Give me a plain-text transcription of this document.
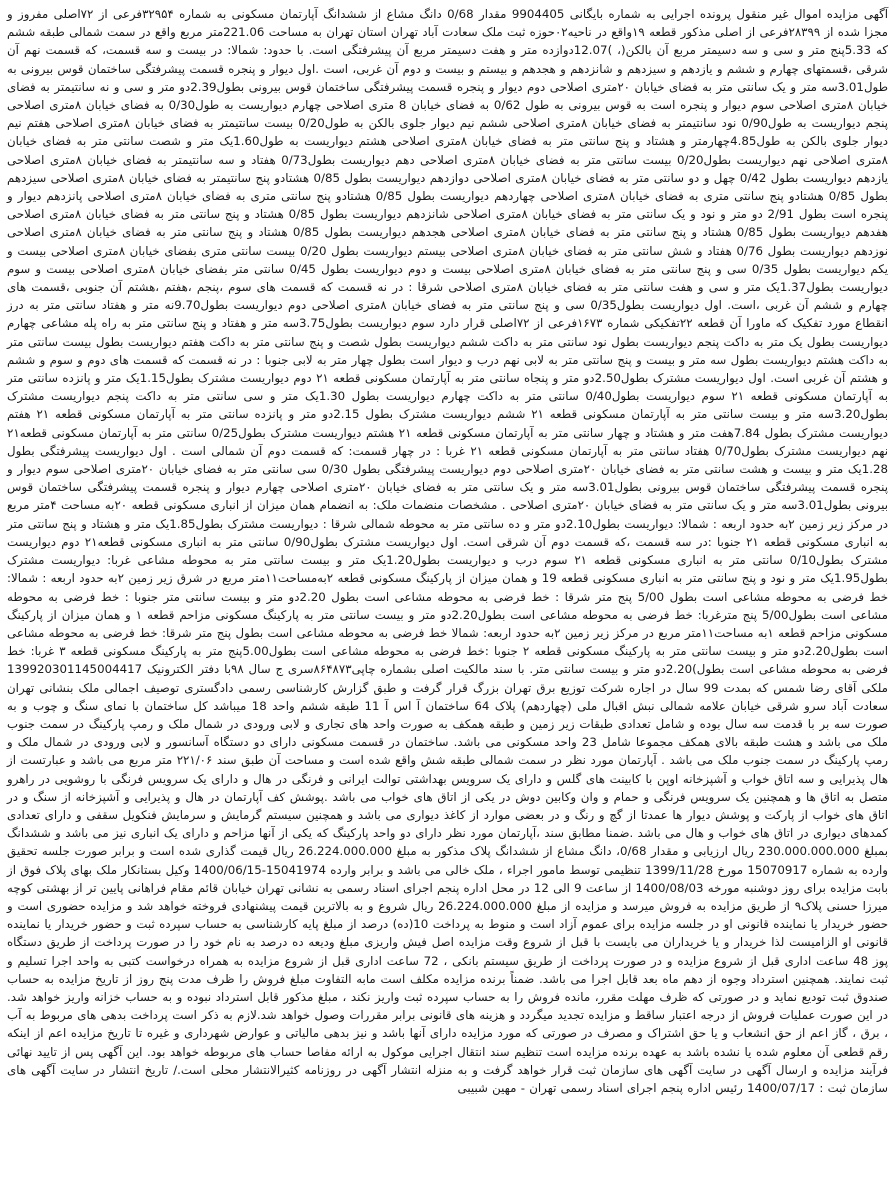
آگهی مزایده اموال غیر منقول پرونده اجرایی به شماره بایگانی 9904405 مقدار 0/68 دانگ مشاع از ششدانگ آپارتمان مسکونی به شماره ۳۲۹۵۴فرعی از ۷۲اصلی مفروز و مجزا شده از ۲۸۳۹۹فرعی از اصلی مذکور قطعه ۱۹واقع در ناحیه۰۲حوزه ثبت ملک سعادت آباد تهران استان تهران به مساحت 221.06متر مربع واقع در سمت شمالی طبقه ششم که 5.33پنج متر و سی و سه دسیمتر مربع آن بالکن(، )12.07دوازده متر و هفت دسیمتر مربع آن پیشرفتگی است. با حدود: شمالا: در بیست و سه قسمت، که قسمت نهم آن شرقی ،قسمتهای چهارم و ششم و یازدهم و سیزدهم و شانزدهم و هجدهم و بیستم و بیست و دوم آن غربی، است .اول دیوار و پنجره قسمت پیشرفتگی ساختمان قوس بیرونی به طول3.01سه متر و یک سانتی متر به فضای خیابان ۲۰متری اصلاحی دوم دیوار و پنجره قسمت پیشرفتگی ساختمان قوس بیرونی بطول2.39دو متر و سی و نه سانتیمتر به فضای خیابان ۸متری اصلاحی سوم دیوار و پنجره است به قوس بیرونی به طول 0/62 به فضای خیابان 8 متری اصلاحی چهارم دیواریست به طول0/30 به فضای خیابان ۸متری اصلاحی پنجم دیواریست به طول0/90 نود سانتیمتر به فضای خیابان ۸متری اصلاحی ششم نیم دیوار جلوی بالکن به طول0/20 بیست سانتیمتر به فضای خیابان ۸متری اصلاحی هفتم نیم دیوار جلوی بالکن به طول4.85چهارمتر و هشتاد و پنج سانتی متر به فضای خیابان ۸متری اصلاحی هشتم دیواریست به طول1.60یک متر و شصت سانتی متر به فضای خیابان ۸متری اصلاحی نهم دیواریست بطول0/20 بیست سانتی متر به فضای خیابان ۸متری اصلاحی دهم دیواریست بطول0/73 هفتاد و سه سانتیمتر به فضای خیابان ۸متری اصلاحی یازدهم دیواریست بطول 0/42 چهل و دو سانتی متر به فضای خیابان ۸متری اصلاحی دوازدهم دیواریست بطول 0/85 هشتادو پنج سانتیمتر به فضای خیابان ۸متری اصلاحی سیزدهم بطول 0/85 هشتادو پنج سانتی متری به فضای خیابان ۸متری اصلاحی چهاردهم دیواریست بطول 0/85 هشتادو پنج سانتی متری به فضای خیابان ۸متری اصلاحی پانزدهم دیوار و پنجره است بطول 2/91 دو متر و نود و یک سانتی متر به فضای خیابان ۸متری اصلاحی شانزدهم دیواریست بطول 0/85 هشتاد و پنج سانتی متر به فضای خیابان ۸متری اصلاحی هفدهم دیواریست بطول 0/85 هشتاد و پنج سانتی متر به فضای خیابان ۸متری اصلاحی هجدهم دیواریست بطول 0/85 هشتاد و پنج سانتی متر به فضای خیابان ۸متری اصلاحی نوزدهم دیواریست بطول 0/76 هفتاد و شش سانتی متر به فضای خیابان ۸متری اصلاحی بیستم دیواریست بطول 0/20 بیست سانتی متری بفضای خیابان ۸متری اصلاحی بیست و یکم دیواریست بطول 0/35 سی و پنج سانتی متر به فضای خیابان ۸متری اصلاحی بیست و دوم دیواریست بطول 0/45 سانتی متر بفضای خیابان ۸متری اصلاحی بیست و سوم دیواریست بطول1.37یک متر و سی و هفت سانتی متر به فضای خیابان ۸متری اصلاحی شرقا : در نه قسمت که قسمت های سوم ،پنجم ،هفتم ،هشتم آن جنوبی ،قسمت های چهارم و ششم آن غربی ،است. اول دیواریست بطول0/35 سی و پنج سانتی متر به فضای خیابان ۸متری اصلاحی دوم دیواریست بطول9.70نه متر و هفتاد سانتی متر به درز انقطاع مورد تفکیک که ماورا آن قطعه ۲۲تفکیکی شماره ۱۶۷۳فرعی از ۷۲اصلی قرار دارد سوم دیواریست بطول3.75سه متر و هفتاد و پنج سانتی متر به راه پله مشاعی چهارم دیواریست بطول یک متر به داکت پنجم دیواریست بطول نود سانتی متر به داکت ششم دیواریست بطول شصت و پنج سانتی متر به داکت هفتم دیواریست بطول بیست سانتی متر به داکت هشتم دیواریست بطول سه متر و بیست و پنج سانتی متر به لابی نهم درب و دیوار است بطول چهار متر به لابی جنوبا : در نه قسمت که قسمت های دوم و سوم و ششم و هشتم آن غربی است. اول دیواریست مشترک بطول2.50دو متر و پنجاه سانتی متر به آپارتمان مسکونی قطعه ۲۱ دوم دیواریست مشترک بطول1.15یک متر و پانزده سانتی متر به آپارتمان مسکونی قطعه ۲۱ سوم دیواریست بطول0/40 سانتی متر به داکت چهارم دیواریست بطول 1.30یک متر و سی سانتی متر به داکت پنجم دیواریست مشترک بطول3.20سه متر و بیست سانتی متر به آپارتمان مسکونی قطعه ۲۱ ششم دیواریست مشترک بطول 2.15دو متر و پانزده سانتی متر به آپارتمان مسکونی قطعه ۲۱ هفتم دیواریست مشترک بطول 7.84هفت متر و هشتاد و چهار سانتی متر به آپارتمان مسکونی قطعه ۲۱ هشتم دیواریست مشترک بطول0/25 سانتی متر به آپارتمان مسکونی قطعه۲۱ نهم دیواریست مشترک بطول0/70 هفتاد سانتی متر به آپارتمان مسکونی قطعه ۲۱ غربا : در چهار قسمت: که قسمت دوم آن شمالی است . اول دیواریست پیشرفتگی بطول 1.28یک متر و بیست و هشت سانتی متر به فضای خیابان ۲۰متری اصلاحی دوم دیواریست پیشرفتگی بطول 0/30 سی سانتی متر به فضای خیابان ۲۰متری اصلاحی سوم دیوار و پنجره قسمت پیشرفتگی ساختمان قوس بیرونی بطول3.01سه متر و یک سانتی متر به فضای خیابان ۲۰متری اصلاحی چهارم دیوار و پنجره قسمت پیشرفتگی ساختمان قوس بیرونی بطول3.01سه متر و یک سانتی متر به فضای خیابان ۲۰متری اصلاحی . مشخصات منضمات ملک: به انضمام همان میزان از انباری مسکونی قطعه ۲۰به مساحت ۴متر مربع در مرکز زیر زمین ۲به حدود اربعه : شمالا: دیواریست بطول2.10دو متر و ده سانتی متر به محوطه شمالی شرقا : دیواریست مشترک بطول1.85یک متر و هشتاد و پنج سانتی متر به انباری مسکونی قطعه ۲۱ جنوبا :در سه قسمت ،که قسمت دوم آن شرقی است. اول دیواریست مشترک بطول0/90 سانتی متر به انباری مسکونی قطعه۲۱ دوم دیواریست مشترک بطول0/10 سانتی متر به انباری مسکونی قطعه ۲۱ سوم درب و دیواریست بطول1.20یک متر و بیست سانتی متر به محوطه مشاعی غربا: دیواریست مشترک بطول1.95یک متر و نود و پنج سانتی متر به انباری مسکونی قطعه 19 و همان میزان از پارکینگ مسکونی قطعه ۲به‌مساحت۱۱متر مربع در شرق زیر زمین ۲به حدود اربعه : شمالا: خط فرضی به محوطه مشاعی است بطول 5/00 پنج متر شرقا : خط فرضی به محوطه مشاعی است بطول 2.20دو متر و بیست سانتی متر جنوبا : خط فرضی به محوطه مشاعی است بطول5/00 پنج مترغربا: خط فرضی به محوطه مشاعی است بطول2.20دو متر و بیست سانتی متر به پارکینگ مسکونی مزاحم قطعه ۱ و همان میزان از پارکینگ مسکونی مزاحم قطعه ۱به مساحت۱۱متر مربع در مرکز زیر زمین ۲به حدود اربعه: شمالا خط فرضی به محوطه مشاعی است بطول پنج متر شرقا: خط فرضی به محوطه مشاعی است بطول2.20دو متر و بیست سانتی متر به پارکینگ مسکونی قطعه ۲ جنوبا :خط فرضی به محوطه مشاعی است بطول5.00پنج متر به پارکینگ مسکونی قطعه ۳ غربا: خط فرضی به محوطه مشاعی است بطول)2.20دو متر و بیست سانتی متر. با سند مالکیت اصلی بشماره چاپی۸۶۴۸۷۳سری ج سال ۹۸با دفتر الکترونیک 139920301145004417 ملکی آقای رضا شمس که بمدت 99 سال در اجاره شرکت توزیع برق تهران بزرگ قرار گرفت و طبق گزارش کارشناسی رسمی دادگستری توصیف اجمالی ملک بنشانی تهران سعادت آباد سرو شرقی خیابان علامه شمالی نبش اقبال ملی (چهاردهم) پلاک 64 ساختمان آ اس آ 11 طبقه ششم واحد 18 میباشد کل ساختمان با نمای سنگ و چوب و به صورت سه بر با قدمت سه سال بوده و شامل تعدادی طبقات زیر زمین و طبقه همکف به صورت واحد های تجاری و لابی ورودی در شمال ملک و رمپ پارکینگ در سمت جنوب ملک می باشد و هشت طبقه بالای همکف مجموعا شامل 23 واحد مسکونی می باشد. ساختمان در قسمت مسکونی دارای دو دستگاه آسانسور و لابی ورودی در شمال ملک و رمپ پارکینگ در سمت جنوب ملک می باشد . آپارتمان مورد نظر در سمت شمالی طبقه شش واقع شده است و مساحت آن طبق سند ۲۲۱/۰۶ متر مربع می باشد و عبارتست از هال پذیرایی و سه اتاق خواب و آشپزخانه اوپن با کابینت های گلس و دارای یک سرویس بهداشتی توالت ایرانی و فرنگی در هال و دارای یک سرویس فرنگی با روشویی در راهرو متصل به اتاق ها و همچنین یک سرویس فرنگی و حمام و وان وکابین دوش در یکی از اتاق های خواب می باشد .پوشش کف آپارتمان در هال و پذیرایی و آشپزخانه از سنگ و در اتاق های خواب از پارکت و پوشش دیوار ها عمدتا از گچ و رنگ و در بعضی موارد از کاغذ دیواری می باشد و همچنین سیستم گرمایش و سرمایش فنکویل سقفی و دارای تعدادی کمدهای دیواری در اتاق های خواب و هال می باشد .ضمنا مطابق سند ،آپارتمان مورد نظر دارای دو واحد پارکینگ که یکی از آنها مزاحم و دارای یک انباری نیز می باشد و ششدانگ بمبلغ 230.000.000.000 ریال ارزیابی و مقدار 0/68، دانگ مشاع از ششدانگ پلاک مذکور به مبلغ 26.224.000.000 ریال قیمت گذاری شده است و برابر صورت جلسه تحقیق وارده به شماره 15070917 مورخ 1399/11/28 تنظیمی توسط مامور اجراء ، ملک خالی می باشد و برابر وارده 15041974-1400/06/15 وکیل بستانکار ملک بهای پلاک فوق از بابت مزایده برای روز دوشنبه مورخه 1400/08/03 از ساعت 9 الی 12 در محل اداره پنجم اجرای اسناد رسمی به نشانی تهران خیابان قائم مقام فراهانی پایین تر از بهشتی کوچه میرزا حسنی پلاک۹ از طریق مزایده به فروش میرسد و مزایده از مبلغ 26.224.000.000 ریال شروع و به بالاترین قیمت پیشنهادی فروخته خواهد شد و مزایده حضوری است و حضور خریدار یا نماینده قانونی او در جلسه مزایده برای عموم آزاد است و منوط به پرداخت 10(ده) درصد از مبلغ پایه کارشناسی به حساب سپرده ثبت و حضور خریدار یا نماینده قانونی او الزامیست لذا خریدار و یا خریداران می بایست با قبل از شروع وقت مزایده اصل فیش واریزی مبلغ ودیعه ده درصد به نام خود را در صورت پرداخت از طریق دستگاه پوز 48 ساعت اداری قبل از شروع مزایده و در صورت پرداخت از طریق سیستم بانکی ، 72 ساعت اداری قبل از شروع مزایده به همراه درخواست کتبی به واحد اجرا تسلیم و ثبت نمایند. همچنین استرداد وجوه از دهم ماه بعد قابل اجرا می باشد. ضمناً برنده مزایده مکلف است مابه التفاوت مبلغ فروش را ظرف مدت پنج روز از تاریخ مزایده به حساب صندوق ثبت تودیع نماید و در صورتی که ظرف مهلت مقرر، مانده فروش را به حساب سپرده ثبت واریز نکند ، مبلغ مذکور قابل استرداد نبوده و به حساب خزانه واریز خواهد شد. در این صورت عملیات فروش از درجه اعتبار ساقط و مزایده تجدید میگردد و هزینه های قانونی برابر مقررات وصول خواهد شد.لازم به ذکر است پرداخت بدهی های مربوط به آب ، برق ، گاز اعم از حق انشعاب و یا حق اشتراک و مصرف در صورتی که مورد مزایده دارای آنها باشد و نیز بدهی مالیاتی و عوارض شهرداری و غیره تا تاریخ مزایده اعم از اینکه رقم قطعی آن معلوم شده یا نشده باشد به عهده برنده مزایده است تنظیم سند انتقال اجرایی موکول به ارائه مفاصا حساب های مربوطه خواهد بود. این آگهی پس از تایید نهائی فرآیند مزایده و ارسال آگهی در سایت آگهی های سازمان ثبت قرار خواهد گرفت و به منزله انتشار آگهی در روزنامه کثیرالانتشار محلی است./ تاریخ انتشار در سایت آگهی های سازمان ثبت : 1400/07/17 رئیس اداره پنجم اجرای اسناد رسمی تهران - مهین شبیبی
